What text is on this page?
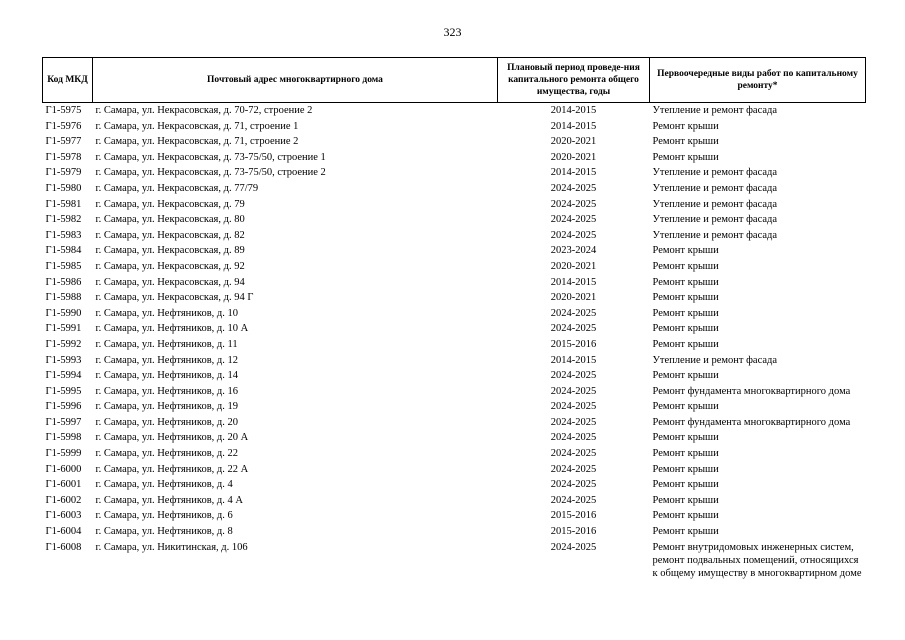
323
Код МКД	Почтовый адрес многоквартирного дома	Плановый период проведе-ния капитального ремонта общего имущества, годы	Первоочередные виды работ по капитальному ремонту*
Г1-5975	г. Самара, ул. Некрасовская, д. 70-72, строение 2	2014-2015	Утепление и ремонт фасада
Г1-5976	г. Самара, ул. Некрасовская, д. 71, строение 1	2014-2015	Ремонт крыши
Г1-5977	г. Самара, ул. Некрасовская, д. 71, строение 2	2020-2021	Ремонт крыши
Г1-5978	г. Самара, ул. Некрасовская, д. 73-75/50, строение 1	2020-2021	Ремонт крыши
Г1-5979	г. Самара, ул. Некрасовская, д. 73-75/50, строение 2	2014-2015	Утепление и ремонт фасада
Г1-5980	г. Самара, ул. Некрасовская, д. 77/79	2024-2025	Утепление и ремонт фасада
Г1-5981	г. Самара, ул. Некрасовская, д. 79	2024-2025	Утепление и ремонт фасада
Г1-5982	г. Самара, ул. Некрасовская, д. 80	2024-2025	Утепление и ремонт фасада
Г1-5983	г. Самара, ул. Некрасовская, д. 82	2024-2025	Утепление и ремонт фасада
Г1-5984	г. Самара, ул. Некрасовская, д. 89	2023-2024	Ремонт крыши
Г1-5985	г. Самара, ул. Некрасовская, д. 92	2020-2021	Ремонт крыши
Г1-5986	г. Самара, ул. Некрасовская, д. 94	2014-2015	Ремонт крыши
Г1-5988	г. Самара, ул. Некрасовская, д. 94 Г	2020-2021	Ремонт крыши
Г1-5990	г. Самара, ул. Нефтяников, д. 10	2024-2025	Ремонт крыши
Г1-5991	г. Самара, ул. Нефтяников, д. 10 А	2024-2025	Ремонт крыши
Г1-5992	г. Самара, ул. Нефтяников, д. 11	2015-2016	Ремонт крыши
Г1-5993	г. Самара, ул. Нефтяников, д. 12	2014-2015	Утепление и ремонт фасада
Г1-5994	г. Самара, ул. Нефтяников, д. 14	2024-2025	Ремонт крыши
Г1-5995	г. Самара, ул. Нефтяников, д. 16	2024-2025	Ремонт фундамента многоквартирного дома
Г1-5996	г. Самара, ул. Нефтяников, д. 19	2024-2025	Ремонт крыши
Г1-5997	г. Самара, ул. Нефтяников, д. 20	2024-2025	Ремонт фундамента многоквартирного дома
Г1-5998	г. Самара, ул. Нефтяников, д. 20 А	2024-2025	Ремонт крыши
Г1-5999	г. Самара, ул. Нефтяников, д. 22	2024-2025	Ремонт крыши
Г1-6000	г. Самара, ул. Нефтяников, д. 22 А	2024-2025	Ремонт крыши
Г1-6001	г. Самара, ул. Нефтяников, д. 4	2024-2025	Ремонт крыши
Г1-6002	г. Самара, ул. Нефтяников, д. 4 А	2024-2025	Ремонт крыши
Г1-6003	г. Самара, ул. Нефтяников, д. 6	2015-2016	Ремонт крыши
Г1-6004	г. Самара, ул. Нефтяников, д. 8	2015-2016	Ремонт крыши
Г1-6008	г. Самара, ул. Никитинская, д. 106	2024-2025	Ремонт внутридомовых инженерных систем, ремонт подвальных помещений, относящихся к общему имуществу в многоквартирном доме
